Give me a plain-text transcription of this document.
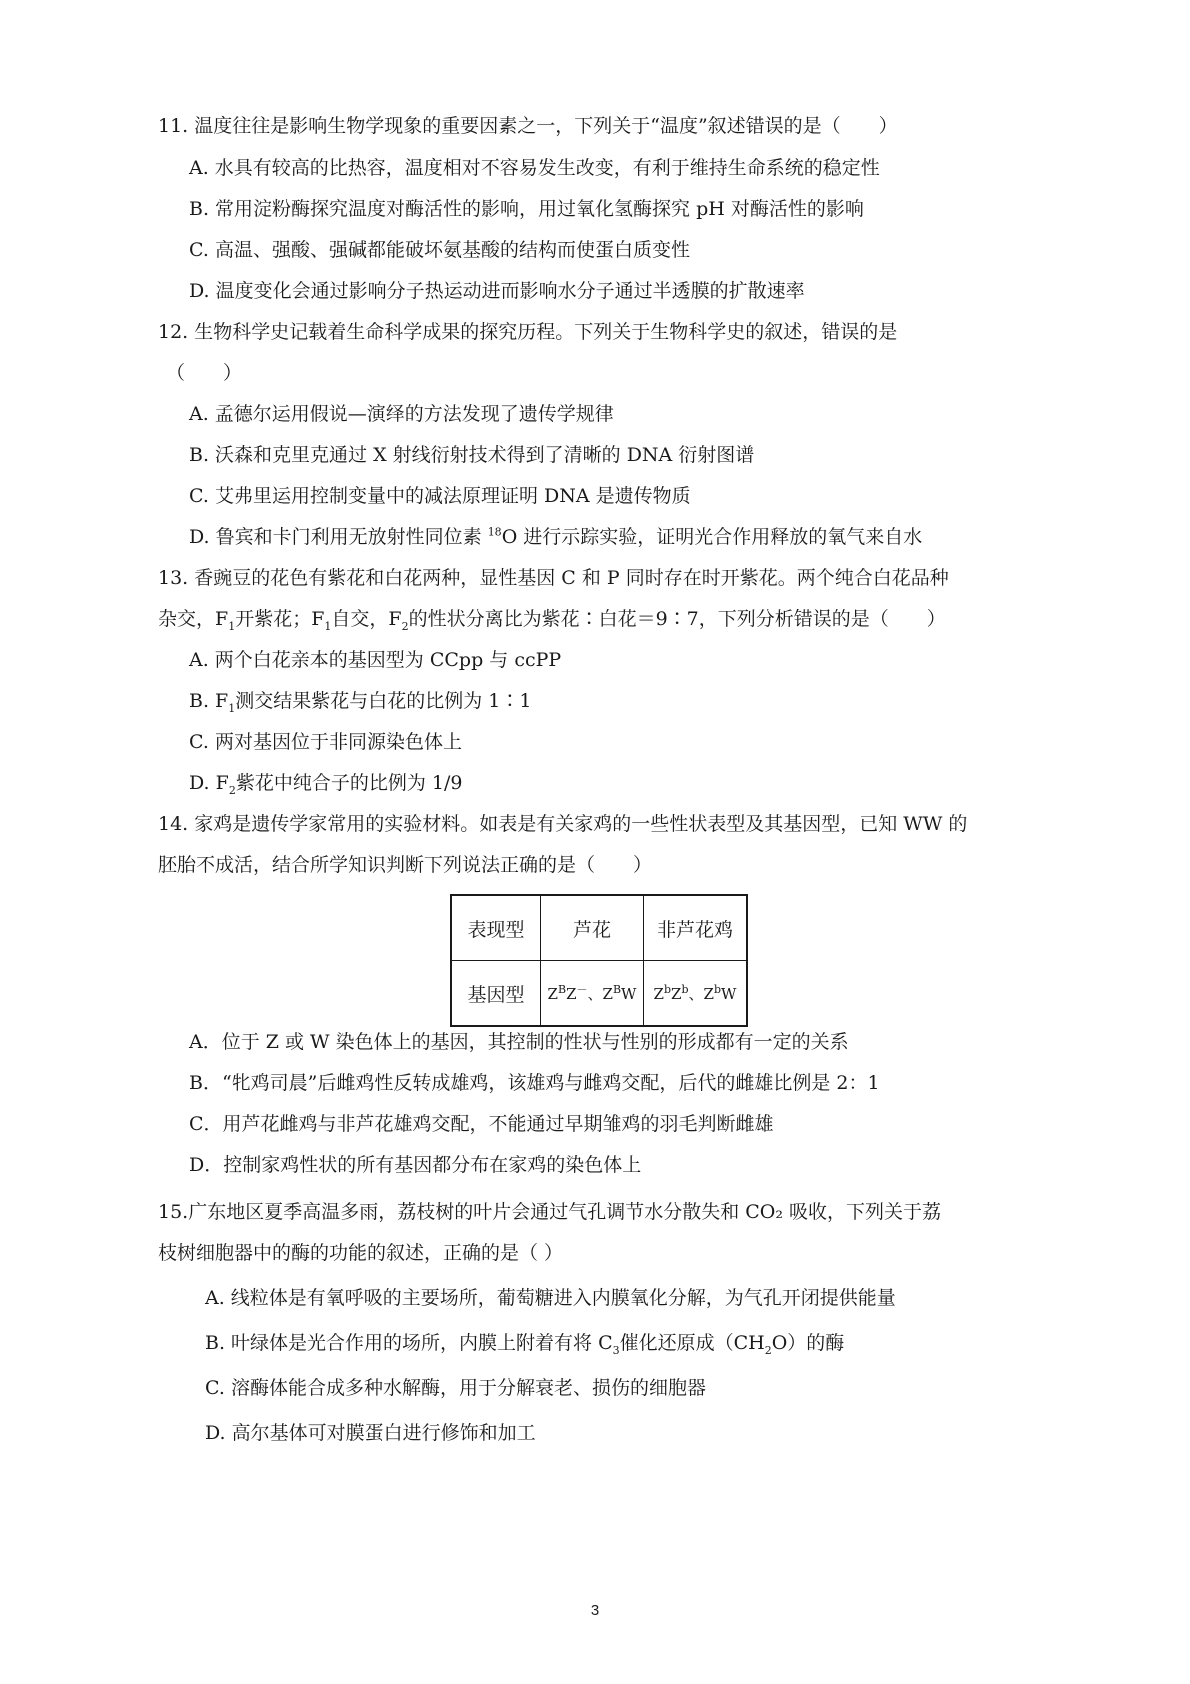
11. 温度往往是影响生物学现象的重要因素之一，下列关于“温度”叙述错误的是（　　）
A. 水具有较高的比热容，温度相对不容易发生改变，有利于维持生命系统的稳定性
B. 常用淀粉酶探究温度对酶活性的影响，用过氧化氢酶探究 pH 对酶活性的影响
C. 高温、强酸、强碱都能破坏氨基酸的结构而使蛋白质变性
D. 温度变化会通过影响分子热运动进而影响水分子通过半透膜的扩散速率
12. 生物科学史记载着生命科学成果的探究历程。下列关于生物科学史的叙述，错误的是
（　　）
A. 孟德尔运用假说—演绎的方法发现了遗传学规律
B. 沃森和克里克通过 X 射线衍射技术得到了清晰的 DNA 衍射图谱
C. 艾弗里运用控制变量中的减法原理证明 DNA 是遗传物质
D. 鲁宾和卡门利用无放射性同位素 $^{18}$O 进行示踪实验，证明光合作用释放的氧气来自水
13. 香豌豆的花色有紫花和白花两种，显性基因 C 和 P 同时存在时开紫花。两个纯合白花品种
杂交，$F_1$开紫花；$F_1$自交，$F_2$的性状分离比为紫花∶白花＝9∶7，下列分析错误的是（　　）
A. 两个白花亲本的基因型为 CCpp 与 ccPP
B. $F_1$测交结果紫花与白花的比例为 1∶1
C. 两对基因位于非同源染色体上
D. $F_2$紫花中纯合子的比例为 1/9
14. 家鸡是遗传学家常用的实验材料。如表是有关家鸡的一些性状表型及其基因型，已知 WW 的
胚胎不成活，结合所学知识判断下列说法正确的是（　　）
表现型	芦花	非芦花鸡
基因型	$Z^BZ^-$、$Z^BW$	$Z^bZ^b$、$Z^bW$
A．位于 Z 或 W 染色体上的基因，其控制的性状与性别的形成都有一定的关系
B．“牝鸡司晨”后雌鸡性反转成雄鸡，该雄鸡与雌鸡交配，后代的雌雄比例是 2：1
C．用芦花雌鸡与非芦花雄鸡交配，不能通过早期雏鸡的羽毛判断雌雄
D．控制家鸡性状的所有基因都分布在家鸡的染色体上
15.广东地区夏季高温多雨，荔枝树的叶片会通过气孔调节水分散失和 CO₂ 吸收，下列关于荔
枝树细胞器中的酶的功能的叙述，正确的是（ ）
A. 线粒体是有氧呼吸的主要场所，葡萄糖进入内膜氧化分解，为气孔开闭提供能量
B. 叶绿体是光合作用的场所，内膜上附着有将 $C_3$催化还原成$(CH_2O)$的酶
C. 溶酶体能合成多种水解酶，用于分解衰老、损伤的细胞器
D. 高尔基体可对膜蛋白进行修饰和加工
3
